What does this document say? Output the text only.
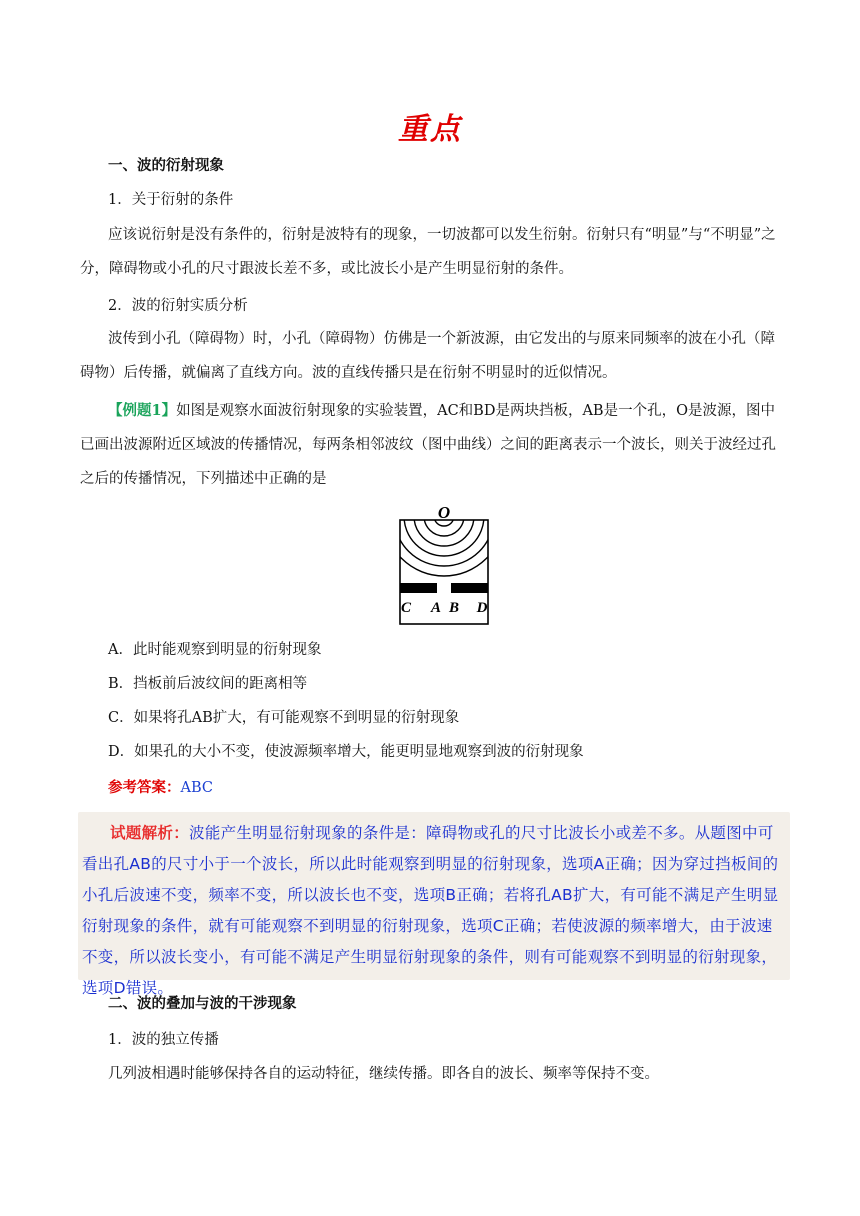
重点
一、波的衍射现象
1．关于衍射的条件
应该说衍射是没有条件的，衍射是波特有的现象，一切波都可以发生衍射。衍射只有“明显”与“不明显”之分，障碍物或小孔的尺寸跟波长差不多，或比波长小是产生明显衍射的条件。
2．波的衍射实质分析
波传到小孔（障碍物）时，小孔（障碍物）仿佛是一个新波源，由它发出的与原来同频率的波在小孔（障碍物）后传播，就偏离了直线方向。波的直线传播只是在衍射不明显时的近似情况。
【例题1】如图是观察水面波衍射现象的实验装置，AC和BD是两块挡板，AB是一个孔，O是波源，图中已画出波源附近区域波的传播情况，每两条相邻波纹（图中曲线）之间的距离表示一个波长，则关于波经过孔之后的传播情况，下列描述中正确的是
O
C A B D
A．此时能观察到明显的衍射现象
B．挡板前后波纹间的距离相等
C．如果将孔AB扩大，有可能观察不到明显的衍射现象
D．如果孔的大小不变，使波源频率增大，能更明显地观察到波的衍射现象
参考答案：ABC

试题解析：波能产生明显衍射现象的条件是：障碍物或孔的尺寸比波长小或差不多。从题图中可看出孔AB的尺寸小于一个波长，所以此时能观察到明显的衍射现象，选项A正确；因为穿过挡板间的小孔后波速不变，频率不变，所以波长也不变，选项B正确；若将孔AB扩大，有可能不满足产生明显衍射现象的条件，就有可能观察不到明显的衍射现象，选项C正确；若使波源的频率增大，由于波速不变，所以波长变小，有可能不满足产生明显衍射现象的条件，则有可能观察不到明显的衍射现象，选项D错误。

二、波的叠加与波的干涉现象
1．波的独立传播
几列波相遇时能够保持各自的运动特征，继续传播。即各自的波长、频率等保持不变。
